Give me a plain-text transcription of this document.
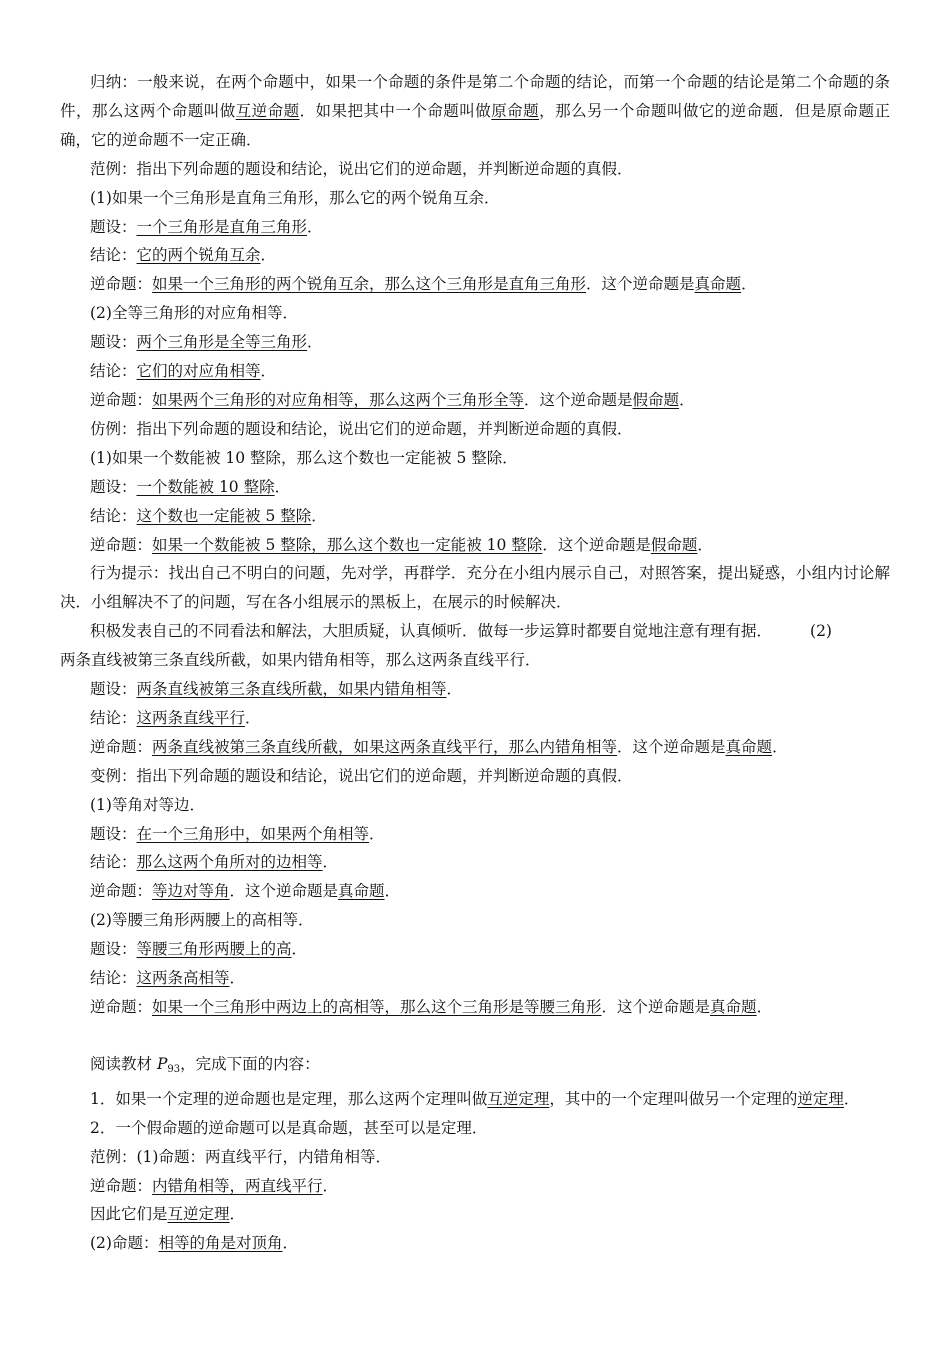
归纳：一般来说，在两个命题中，如果一个命题的条件是第二个命题的结论，而第一个命题的结论是第二个命题的条件，那么这两个命题叫做互逆命题．如果把其中一个命题叫做原命题，那么另一个命题叫做它的逆命题．但是原命题正确，它的逆命题不一定正确．
范例：指出下列命题的题设和结论，说出它们的逆命题，并判断逆命题的真假．
(1)如果一个三角形是直角三角形，那么它的两个锐角互余．
题设：一个三角形是直角三角形．
结论：它的两个锐角互余．
逆命题：如果一个三角形的两个锐角互余，那么这个三角形是直角三角形．这个逆命题是真命题．
(2)全等三角形的对应角相等．
题设：两个三角形是全等三角形．
结论：它们的对应角相等．
逆命题：如果两个三角形的对应角相等，那么这两个三角形全等．这个逆命题是假命题．
仿例：指出下列命题的题设和结论，说出它们的逆命题，并判断逆命题的真假．
(1)如果一个数能被 10 整除，那么这个数也一定能被 5 整除．
题设：一个数能被 10 整除．
结论：这个数也一定能被 5 整除．
逆命题：如果一个数能被 5 整除，那么这个数也一定能被 10 整除．这个逆命题是假命题．
行为提示：找出自己不明白的问题，先对学，再群学．充分在小组内展示自己，对照答案，提出疑惑，小组内讨论解决．小组解决不了的问题，写在各小组展示的黑板上，在展示的时候解决．
积极发表自己的不同看法和解法，大胆质疑，认真倾听．做每一步运算时都要自觉地注意有理有据． (2)
两条直线被第三条直线所截，如果内错角相等，那么这两条直线平行．
题设：两条直线被第三条直线所截，如果内错角相等．
结论：这两条直线平行．
逆命题：两条直线被第三条直线所截，如果这两条直线平行，那么内错角相等．这个逆命题是真命题．
变例：指出下列命题的题设和结论，说出它们的逆命题，并判断逆命题的真假．
(1)等角对等边．
题设：在一个三角形中，如果两个角相等．
结论：那么这两个角所对的边相等．
逆命题：等边对等角．这个逆命题是真命题．
(2)等腰三角形两腰上的高相等．
题设：等腰三角形两腰上的高．
结论：这两条高相等．
逆命题：如果一个三角形中两边上的高相等，那么这个三角形是等腰三角形．这个逆命题是真命题．
阅读教材 $P_{93}$，完成下面的内容：
1．如果一个定理的逆命题也是定理，那么这两个定理叫做互逆定理，其中的一个定理叫做另一个定理的逆定理．
2．一个假命题的逆命题可以是真命题，甚至可以是定理．
范例：(1)命题：两直线平行，内错角相等．
逆命题：内错角相等，两直线平行．
因此它们是互逆定理．
(2)命题：相等的角是对顶角．
